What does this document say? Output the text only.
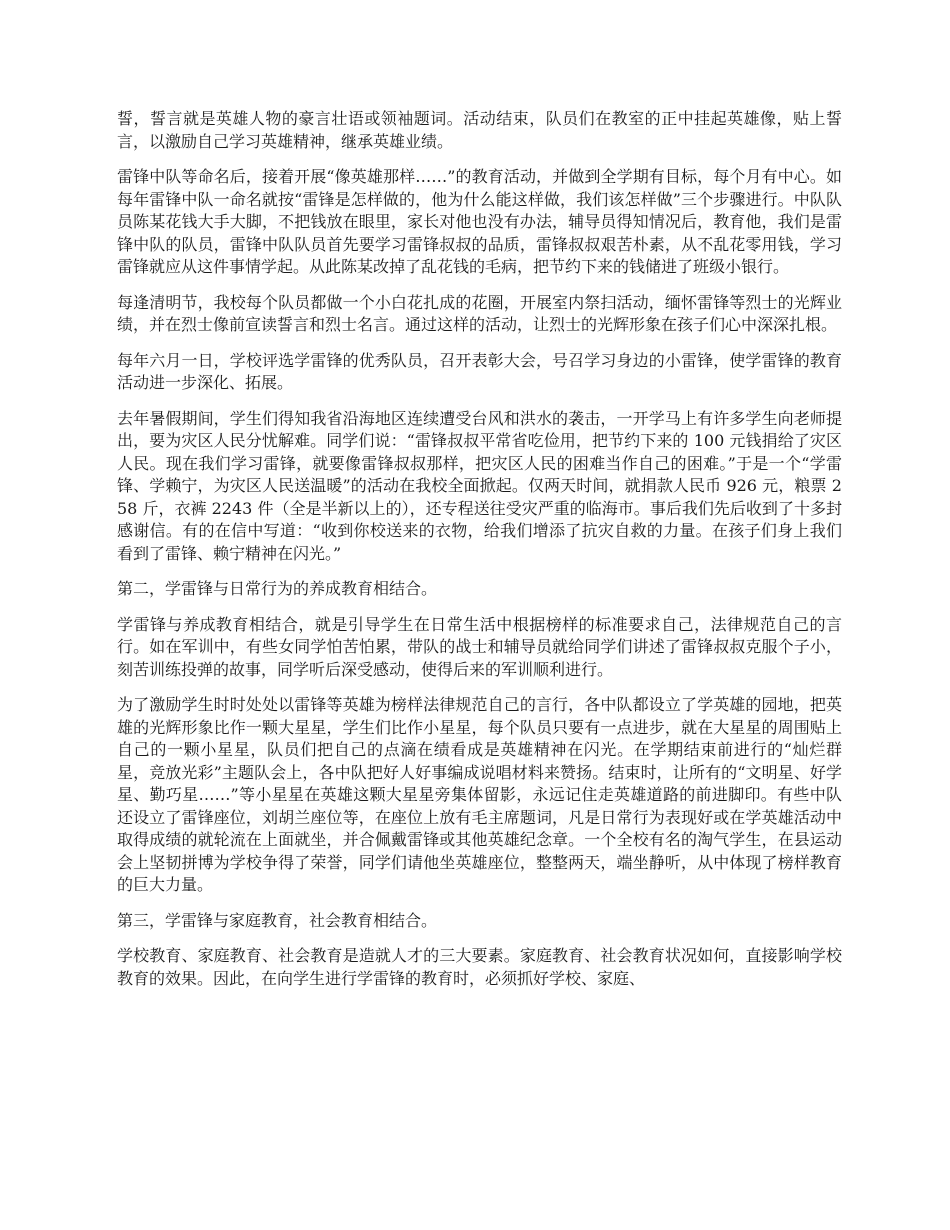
誓，誓言就是英雄人物的豪言壮语或领袖题词。活动结束，队员们在教室的正中挂起英雄像，贴上誓言，以激励自己学习英雄精神，继承英雄业绩。

雷锋中队等命名后，接着开展“像英雄那样……”的教育活动，并做到全学期有目标，每个月有中心。如每年雷锋中队一命名就按“雷锋是怎样做的，他为什么能这样做，我们该怎样做”三个步骤进行。中队队员陈某花钱大手大脚，不把钱放在眼里，家长对他也没有办法，辅导员得知情况后，教育他，我们是雷锋中队的队员，雷锋中队队员首先要学习雷锋叔叔的品质，雷锋叔叔艰苦朴素，从不乱花零用钱，学习雷锋就应从这件事情学起。从此陈某改掉了乱花钱的毛病，把节约下来的钱储进了班级小银行。

每逢清明节，我校每个队员都做一个小白花扎成的花圈，开展室内祭扫活动，缅怀雷锋等烈士的光辉业绩，并在烈士像前宣读誓言和烈士名言。通过这样的活动，让烈士的光辉形象在孩子们心中深深扎根。

每年六月一日，学校评选学雷锋的优秀队员，召开表彰大会，号召学习身边的小雷锋，使学雷锋的教育活动进一步深化、拓展。

去年暑假期间，学生们得知我省沿海地区连续遭受台风和洪水的袭击，一开学马上有许多学生向老师提出，要为灾区人民分忧解难。同学们说：“雷锋叔叔平常省吃俭用，把节约下来的 100 元钱捐给了灾区人民。现在我们学习雷锋，就要像雷锋叔叔那样，把灾区人民的困难当作自己的困难。”于是一个“学雷锋、学赖宁，为灾区人民送温暖”的活动在我校全面掀起。仅两天时间，就捐款人民币 926 元，粮票 258 斤，衣裤 2243 件（全是半新以上的），还专程送往受灾严重的临海市。事后我们先后收到了十多封感谢信。有的在信中写道：“收到你校送来的衣物，给我们增添了抗灾自救的力量。在孩子们身上我们看到了雷锋、赖宁精神在闪光。”

第二，学雷锋与日常行为的养成教育相结合。

学雷锋与养成教育相结合，就是引导学生在日常生活中根据榜样的标准要求自己，法律规范自己的言行。如在军训中，有些女同学怕苦怕累，带队的战士和辅导员就给同学们讲述了雷锋叔叔克服个子小，刻苦训练投弹的故事，同学听后深受感动，使得后来的军训顺利进行。

为了激励学生时时处处以雷锋等英雄为榜样法律规范自己的言行，各中队都设立了学英雄的园地，把英雄的光辉形象比作一颗大星星，学生们比作小星星，每个队员只要有一点进步，就在大星星的周围贴上自己的一颗小星星，队员们把自己的点滴在绩看成是英雄精神在闪光。在学期结束前进行的“灿烂群星，竞放光彩”主题队会上，各中队把好人好事编成说唱材料来赞扬。结束时，让所有的“文明星、好学星、勤巧星……”等小星星在英雄这颗大星星旁集体留影，永远记住走英雄道路的前进脚印。有些中队还设立了雷锋座位，刘胡兰座位等，在座位上放有毛主席题词，凡是日常行为表现好或在学英雄活动中取得成绩的就轮流在上面就坐，并合佩戴雷锋或其他英雄纪念章。一个全校有名的淘气学生，在县运动会上坚韧拼博为学校争得了荣誉，同学们请他坐英雄座位，整整两天，端坐静听，从中体现了榜样教育的巨大力量。

第三，学雷锋与家庭教育，社会教育相结合。

学校教育、家庭教育、社会教育是造就人才的三大要素。家庭教育、社会教育状况如何，直接影响学校教育的效果。因此，在向学生进行学雷锋的教育时，必须抓好学校、家庭、
